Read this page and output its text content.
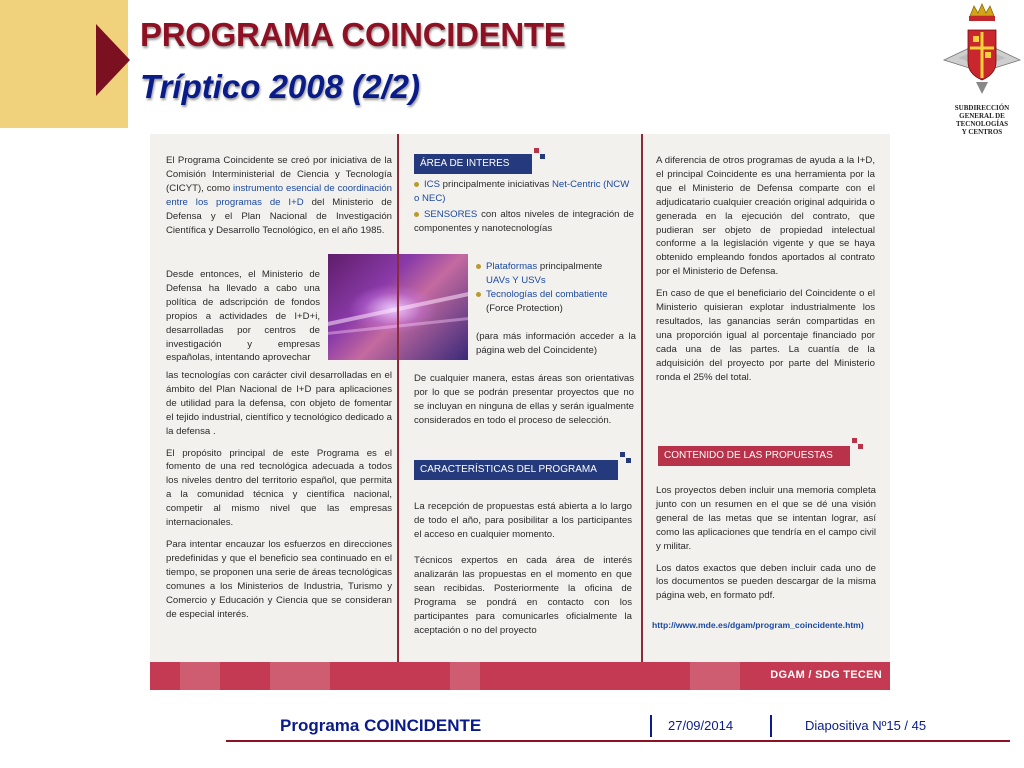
PROGRAMA COINCIDENTE
Tríptico 2008 (2/2)
SUBDIRECCIÓN
GENERAL DE
TECNOLOGÍAS
Y CENTROS

El Programa Coincidente se creó por iniciativa de la Comisión Interministerial de Ciencia y Tecnología (CICYT), como instrumento esencial de coordinación entre los programas de I+D del Ministerio de Defensa y el Plan Nacional de Investigación Científica y Desarrollo Tecnológico, en el año 1985.

Desde entonces, el Ministerio de Defensa ha llevado a cabo una política de adscripción de fondos propios a actividades de I+D+i, desarrolladas por centros de investigación y empresas españolas, intentando aprovechar

las tecnologías con carácter civil desarrolladas en el ámbito del Plan Nacional de I+D para aplicaciones de utilidad para la defensa, con objeto de fomentar el tejido industrial, científico y tecnológico dedicado a la defensa .

El propósito principal de este Programa es el fomento de una red tecnológica adecuada a todos los niveles dentro del territorio español, que permita a la comunidad técnica y científica nacional, competir al mismo nivel que las empresas internacionales.

Para intentar encauzar los esfuerzos en direcciones predefinidas y que el beneficio sea continuado en el tiempo, se proponen una serie de áreas tecnológicas comunes a los Ministerios de Industria, Turismo y Comercio y Educación y Ciencia que se consideran de especial interés.

ÁREA DE INTERES
ICS principalmente iniciativas Net-Centric (NCW o NEC)
SENSORES con altos niveles de integración de componentes y nanotecnologías
Plataformas principalmente
UAVs Y USVs
Tecnologías del combatiente
(Force Protection)
(para más información acceder a la página web del Coincidente)

De cualquier manera, estas áreas son orientativas por lo que se podrán presentar proyectos que no se incluyan en ninguna de ellas y serán igualmente considerados en todo el proceso de selección.

CARACTERÍSTICAS DEL PROGRAMA

La recepción de propuestas está abierta a lo largo de todo el año, para posibilitar a los participantes el acceso en cualquier momento.

Técnicos expertos en cada área de interés analizarán las propuestas en el momento en que sean recibidas. Posteriormente la oficina de Programa se pondrá en contacto con los participantes para comunicarles oficialmente la aceptación o no del proyecto

A diferencia de otros programas de ayuda a la I+D, el principal Coincidente es una herramienta por la que el Ministerio de Defensa comparte con el adjudicatario cualquier creación original adquirida o generada en la ejecución del contrato, que pudieran ser objeto de propiedad intelectual conforme a la legislación vigente y que se haya obtenido empleando fondos aportados al contrato por el Ministerio de Defensa.

En caso de que el beneficiario del Coincidente o el Ministerio quisieran explotar industrialmente los resultados, las ganancias serán compartidas en una proporción igual al porcentaje financiado por cada una de las partes. La cuantía de la adquisición del proyecto por parte del Ministerio ronda el 25% del total.

CONTENIDO DE LAS PROPUESTAS

Los proyectos deben incluir una memoria completa junto con un resumen en el que se dé una visión general de las metas que se intentan lograr, así como las aplicaciones que tendría en el campo civil y militar.

Los datos exactos que deben incluir cada uno de los documentos se pueden descargar de la misma página web, en formato pdf.

http://www.mde.es/dgam/program_coincidente.htm)
DGAM / SDG TECEN
Programa COINCIDENTE	27/09/2014	Diapositiva Nº15 / 45
